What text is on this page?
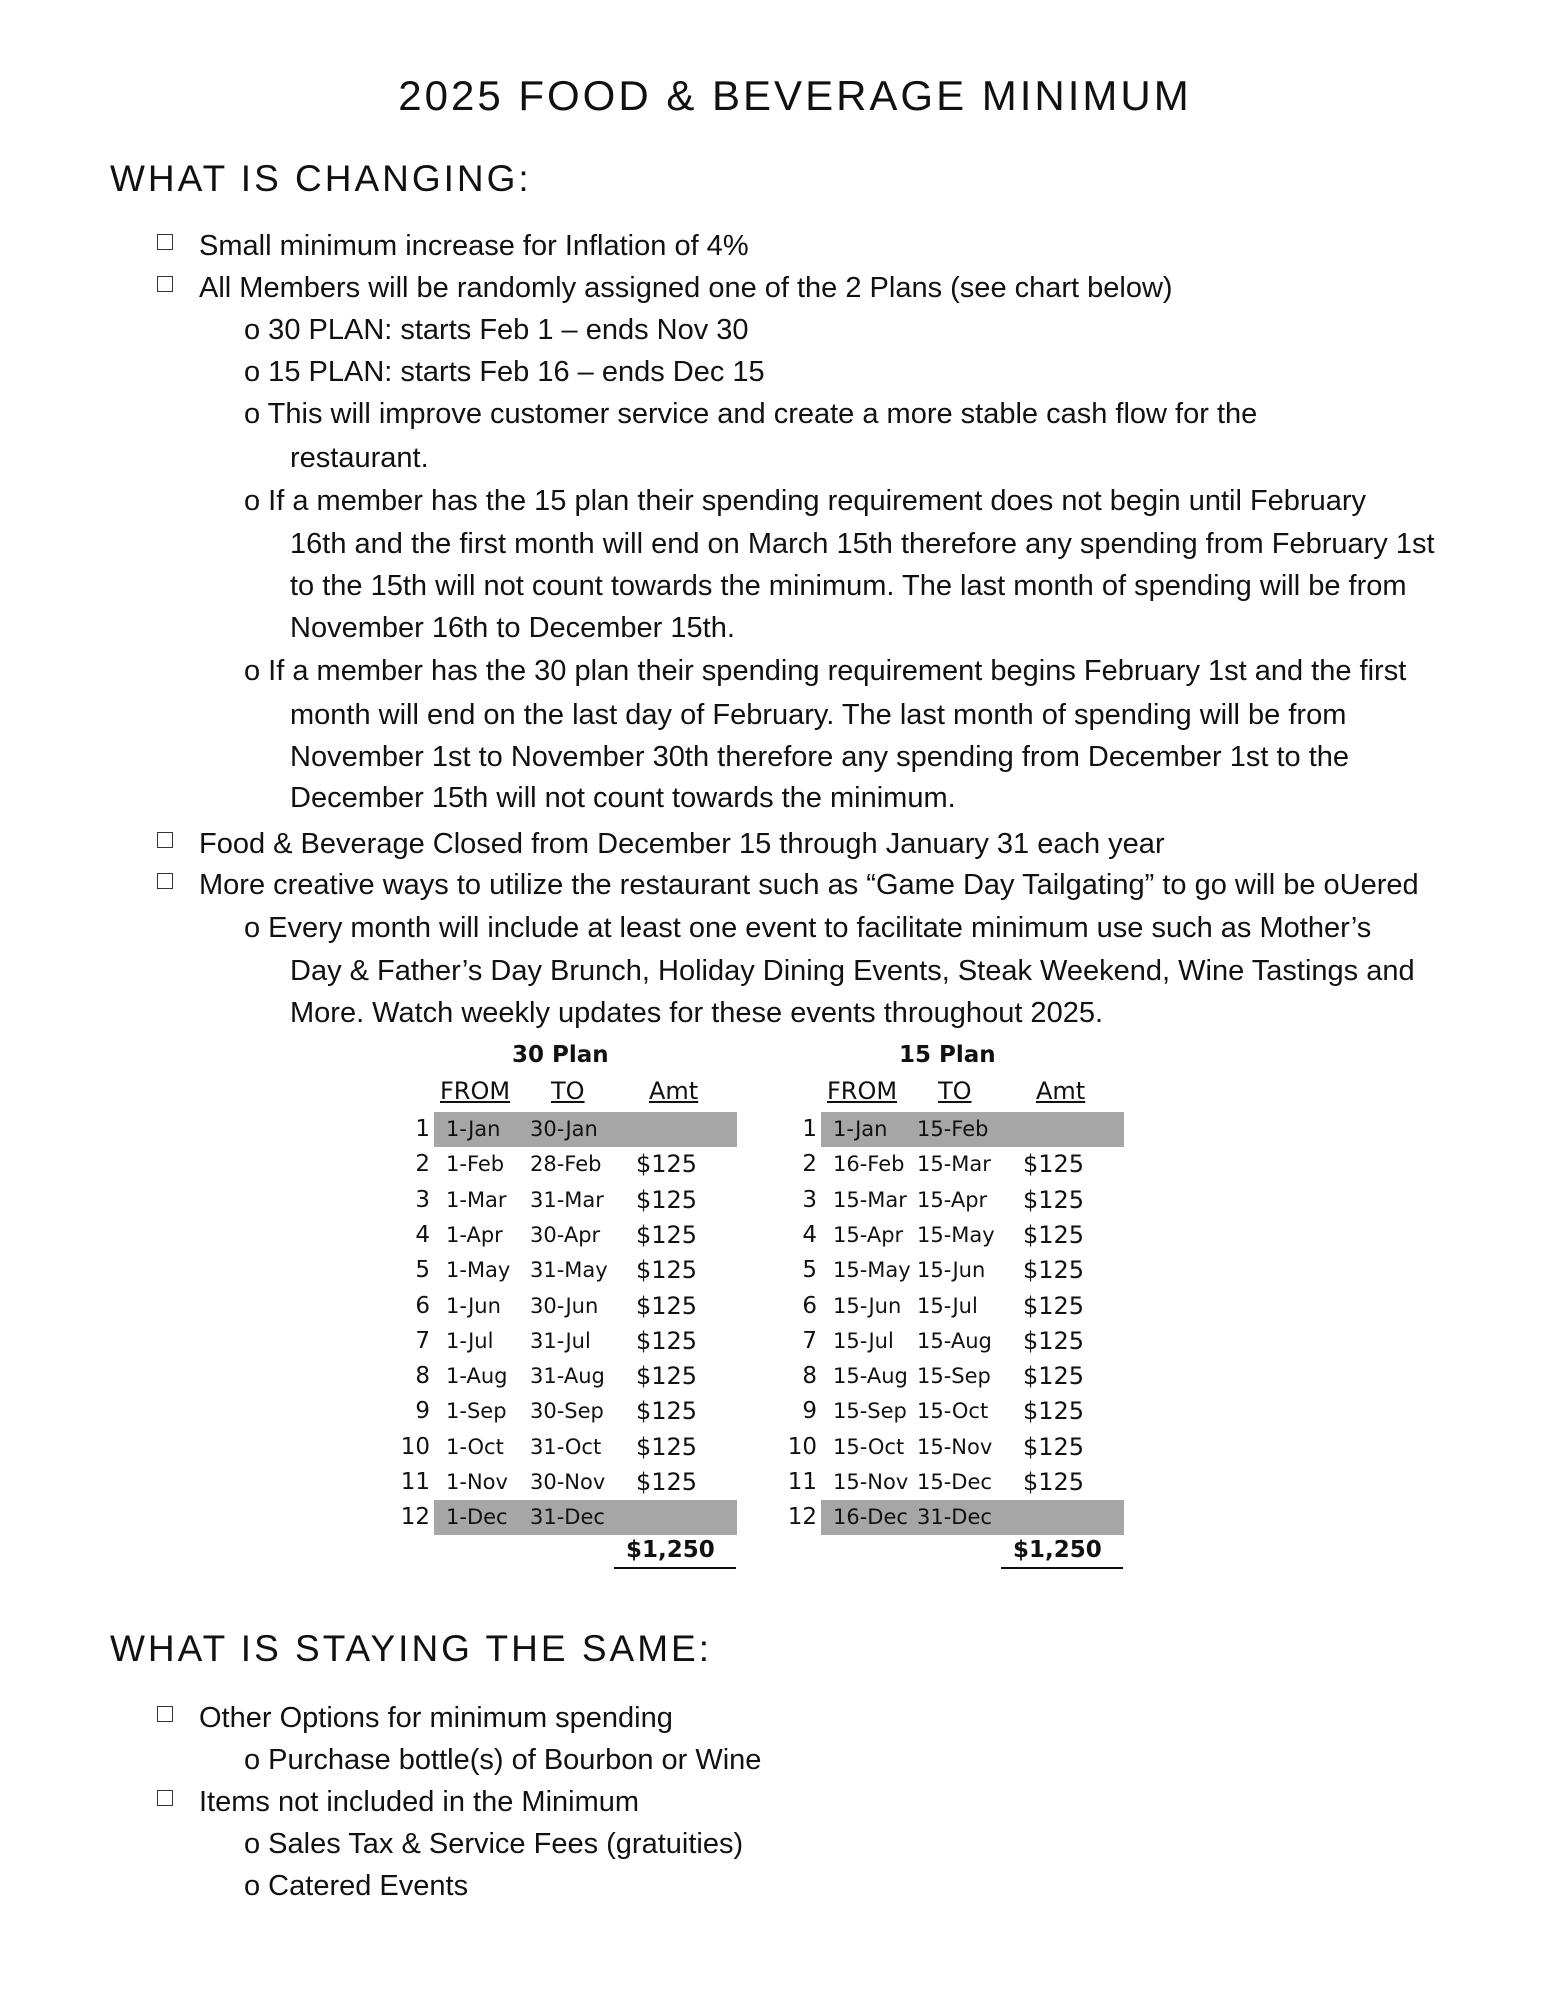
2025 FOOD & BEVERAGE MINIMUM
WHAT IS CHANGING:
Small minimum increase for Inflation of 4%
All Members will be randomly assigned one of the 2 Plans (see chart below)
o 30 PLAN: starts Feb 1 – ends Nov 30
o 15 PLAN: starts Feb 16 – ends Dec 15
o This will improve customer service and create a more stable cash flow for the
restaurant.
o If a member has the 15 plan their spending requirement does not begin until February
16th and the first month will end on March 15th therefore any spending from February 1st
to the 15th will not count towards the minimum. The last month of spending will be from
November 16th to December 15th.
o If a member has the 30 plan their spending requirement begins February 1st and the first
month will end on the last day of February. The last month of spending will be from
November 1st to November 30th therefore any spending from December 1st to the
December 15th will not count towards the minimum.
Food & Beverage Closed from December 15 through January 31 each year
More creative ways to utilize the restaurant such as “Game Day Tailgating” to go will be oUered
o Every month will include at least one event to facilitate minimum use such as Mother’s
Day & Father’s Day Brunch, Holiday Dining Events, Steak Weekend, Wine Tastings and
More. Watch weekly updates for these events throughout 2025.
30 Plan
FROM TO	Amt
1 1-Jan 30-Jan
2 1-Feb 28-Feb $125
3 1-Mar 31-Mar $125
4 1-Apr 30-Apr $125
5 1-May 31-May $125
6 1-Jun 30-Jun $125
7 1-Jul 31-Jul $125
8 1-Aug 31-Aug $125
9 1-Sep 30-Sep $125
10 1-Oct 31-Oct $125
11 1-Nov 30-Nov $125
12 1-Dec 31-Dec
$1,250
15 Plan
FROM TO	Amt
1 1-Jan 15-Feb
2 16-Feb 15-Mar $125
3 15-Mar 15-Apr $125
4 15-Apr 15-May $125
5 15-May 15-Jun $125
6 15-Jun 15-Jul $125
7 15-Jul 15-Aug $125
8 15-Aug 15-Sep $125
9 15-Sep 15-Oct $125
10 15-Oct 15-Nov $125
11 15-Nov 15-Dec $125
12 16-Dec 31-Dec
$1,250
WHAT IS STAYING THE SAME:
Other Options for minimum spending
o Purchase bottle(s) of Bourbon or Wine
Items not included in the Minimum
o Sales Tax & Service Fees (gratuities)
o Catered Events
